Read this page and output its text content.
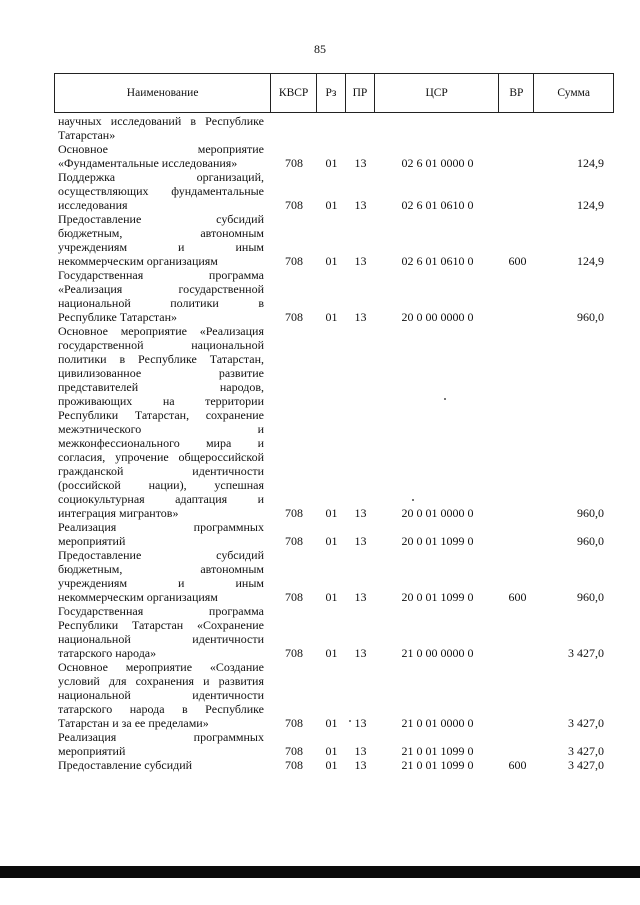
85
Наименование	КВСР	Рз	ПР	ЦСР	ВР	Сумма
научных исследований в Республике
Татарстан»
Основное мероприятие
«Фундаментальные исследования»	708	01	13	02 6 01 0000 0	124,9
Поддержка организаций,
осуществляющих фундаментальные
исследования	708	01	13	02 6 01 0610 0	124,9
Предоставление субсидий
бюджетным, автономным
учреждениям и иным
некоммерческим организациям	708	01	13	02 6 01 0610 0	600	124,9
Государственная программа
«Реализация государственной
национальной политики в
Республике Татарстан»	708	01	13	20 0 00 0000 0	960,0
Основное мероприятие «Реализация
государственной национальной
политики в Республике Татарстан,
цивилизованное развитие
представителей народов,
проживающих на территории
Республики Татарстан, сохранение
межэтнического и
межконфессионального мира и
согласия, упрочение общероссийской
гражданской идентичности
(российской нации), успешная
социокультурная адаптация и
интеграция мигрантов»	708	01	13	20 0 01 0000 0	960,0
Реализация программных
мероприятий	708	01	13	20 0 01 1099 0	960,0
Предоставление субсидий
бюджетным, автономным
учреждениям и иным
некоммерческим организациям	708	01	13	20 0 01 1099 0	600	960,0
Государственная программа
Республики Татарстан «Сохранение
национальной идентичности
татарского народа»	708	01	13	21 0 00 0000 0	3 427,0
Основное мероприятие «Создание
условий для сохранения и развития
национальной идентичности
татарского народа в Республике
Татарстан и за ее пределами»	708	01	13	21 0 01 0000 0	3 427,0
Реализация программных
мероприятий	708	01	13	21 0 01 1099 0	3 427,0
Предоставление субсидий	708	01	13	21 0 01 1099 0	600	3 427,0
